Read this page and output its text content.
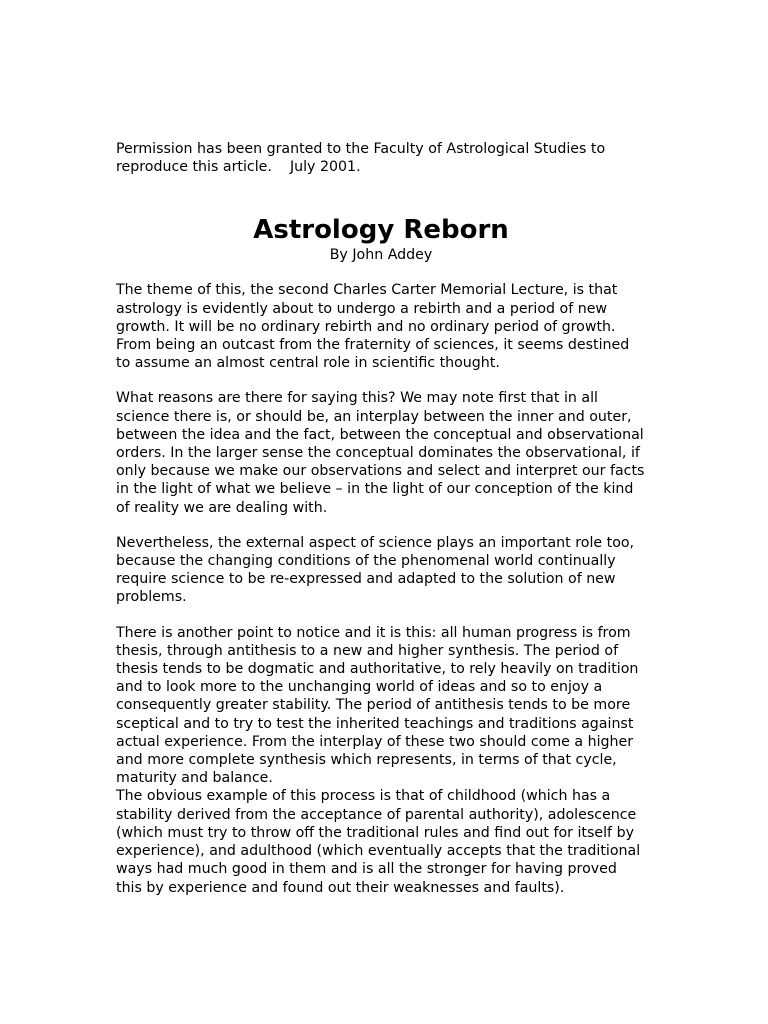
Permission has been granted to the Faculty of Astrological Studies to reproduce this article.    July 2001.

Astrology Reborn

By John Addey

The theme of this, the second Charles Carter Memorial Lecture, is that astrology is evidently about to undergo a rebirth and a period of new growth. It will be no ordinary rebirth and no ordinary period of growth. From being an outcast from the fraternity of sciences, it seems destined to assume an almost central role in scientific thought.

What reasons are there for saying this? We may note first that in all science there is, or should be, an interplay between the inner and outer, between the idea and the fact, between the conceptual and observational orders. In the larger sense the conceptual dominates the observational, if only because we make our observations and select and interpret our facts in the light of what we believe – in the light of our conception of the kind of reality we are dealing with.

Nevertheless, the external aspect of science plays an important role too, because the changing conditions of the phenomenal world continually require science to be re-expressed and adapted to the solution of new problems.

There is another point to notice and it is this: all human progress is from thesis, through antithesis to a new and higher synthesis. The period of thesis tends to be dogmatic and authoritative, to rely heavily on tradition and to look more to the unchanging world of ideas and so to enjoy a consequently greater stability. The period of antithesis tends to be more sceptical and to try to test the inherited teachings and traditions against actual experience. From the interplay of these two should come a higher and more complete synthesis which represents, in terms of that cycle, maturity and balance.

The obvious example of this process is that of childhood (which has a stability derived from the acceptance of parental authority), adolescence (which must try to throw off the traditional rules and find out for itself by experience), and adulthood (which eventually accepts that the traditional ways had much good in them and is all the stronger for having proved this by experience and found out their weaknesses and faults).
